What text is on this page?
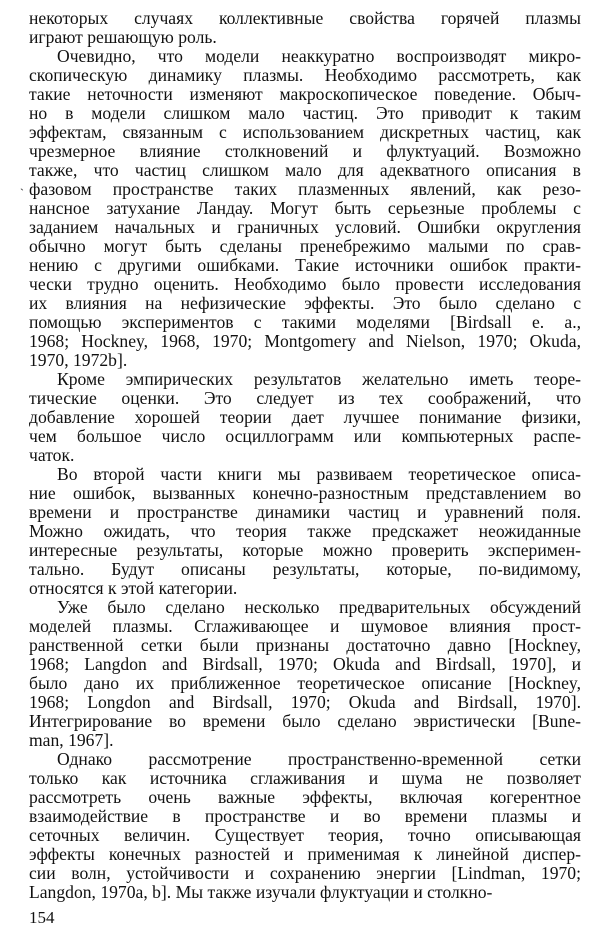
некоторых случаях коллективные свойства горячей плазмы
играют решающую роль.
Очевидно, что модели неаккуратно воспроизводят микро-
скопическую динамику плазмы. Необходимо рассмотреть, как
такие неточности изменяют макроскопическое поведение. Обыч-
но в модели слишком мало частиц. Это приводит к таким
эффектам, связанным с использованием дискретных частиц, как
чрезмерное влияние столкновений и флуктуаций. Возможно
также, что частиц слишком мало для адекватного описания в
фазовом пространстве таких плазменных явлений, как резо-
нансное затухание Ландау. Могут быть серьезные проблемы с
заданием начальных и граничных условий. Ошибки округления
обычно могут быть сделаны пренебрежимо малыми по срав-
нению с другими ошибками. Такие источники ошибок практи-
чески трудно оценить. Необходимо было провести исследования
их влияния на нефизические эффекты. Это было сделано с
помощью экспериментов с такими моделями [Birdsall e. a.,
1968; Hockney, 1968, 1970; Montgomery and Nielson, 1970; Okuda,
1970, 1972b].
Кроме эмпирических результатов желательно иметь теоре-
тические оценки. Это следует из тех соображений, что
добавление хорошей теории дает лучшее понимание физики,
чем большое число осциллограмм или компьютерных распе-
чаток.
Во второй части книги мы развиваем теоретическое описа-
ние ошибок, вызванных конечно-разностным представлением во
времени и пространстве динамики частиц и уравнений поля.
Можно ожидать, что теория также предскажет неожиданные
интересные результаты, которые можно проверить эксперимен-
тально. Будут описаны результаты, которые, по-видимому,
относятся к этой категории.
Уже было сделано несколько предварительных обсуждений
моделей плазмы. Сглаживающее и шумовое влияния прост-
ранственной сетки были признаны достаточно давно [Hockney,
1968; Langdon and Birdsall, 1970; Okuda and Birdsall, 1970], и
было дано их приближенное теоретическое описание [Hockney,
1968; Longdon and Birdsall, 1970; Okuda and Birdsall, 1970].
Интегрирование во времени было сделано эвристически [Bune-
man, 1967].
Однако рассмотрение пространственно-временной сетки
только как источника сглаживания и шума не позволяет
рассмотреть очень важные эффекты, включая когерентное
взаимодействие в пространстве и во времени плазмы и
сеточных величин. Существует теория, точно описывающая
эффекты конечных разностей и применимая к линейной диспер-
сии волн, устойчивости и сохранению энергии [Lindman, 1970;
Langdon, 1970a, b]. Мы также изучали флуктуации и столкно-
ˋ
154
